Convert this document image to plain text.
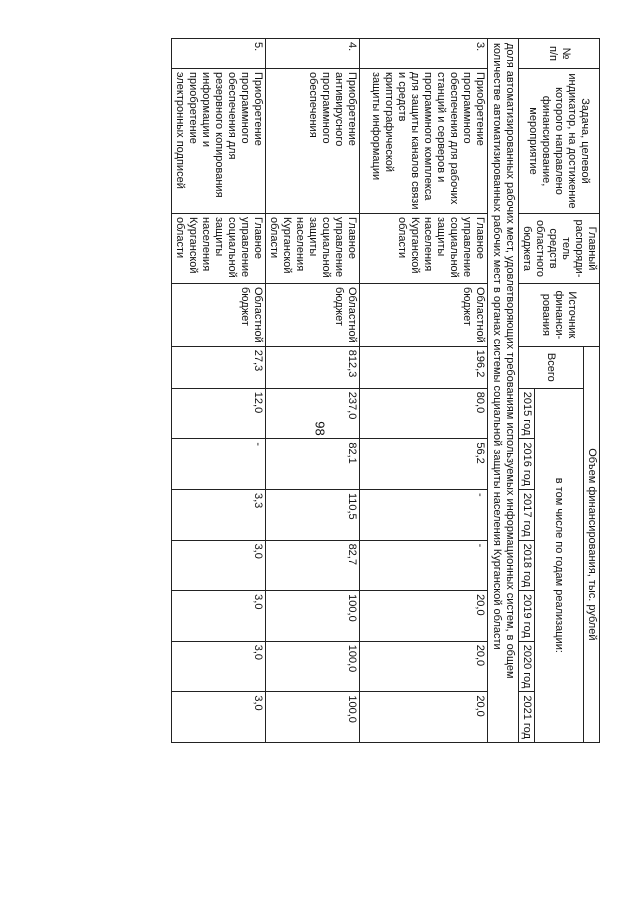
98
№ п/п	Задача, целевой индикатор, на достижение которого направлено финансирование, мероприятие	Главный распоряди-тель средств областного бюджета	Источник финанси-рования	Объем финансирования, тыс. рублей							
				Всего	в том числе по годам реализации:						
					2015 год	2016 год	2017 год	2018 год	2019 год	2020 год	2021 год
доля автоматизированных рабочих мест, удовлетворяющих требованиям используемых информационных систем, в общем количестве автоматизированных рабочих мест в органах системы социальной защиты населения Курганской области											
3.	Приобретение программного обеспечения для рабочих станций и серверов и программного комплекса для защиты каналов связи и средств криптографической защиты информации	Главное управление социальной защиты населения Курганской области	Областной бюджет	196,2	80,0	56,2	-	-	20,0	20,0	20,0
4.	Приобретение антивирусного программного обеспечения	Главное управление социальной защиты населения Курганской области	Областной бюджет	812,3	237,0	82,1	110,5	82,7	100,0	100,0	100,0
5.	Приобретение программного обеспечения для резервного копирования информации и приобретение электронных подписей	Главное управление социальной защиты населения Курганской области	Областной бюджет	27,3	12,0	-	3,3	3,0	3,0	3,0	3,0
